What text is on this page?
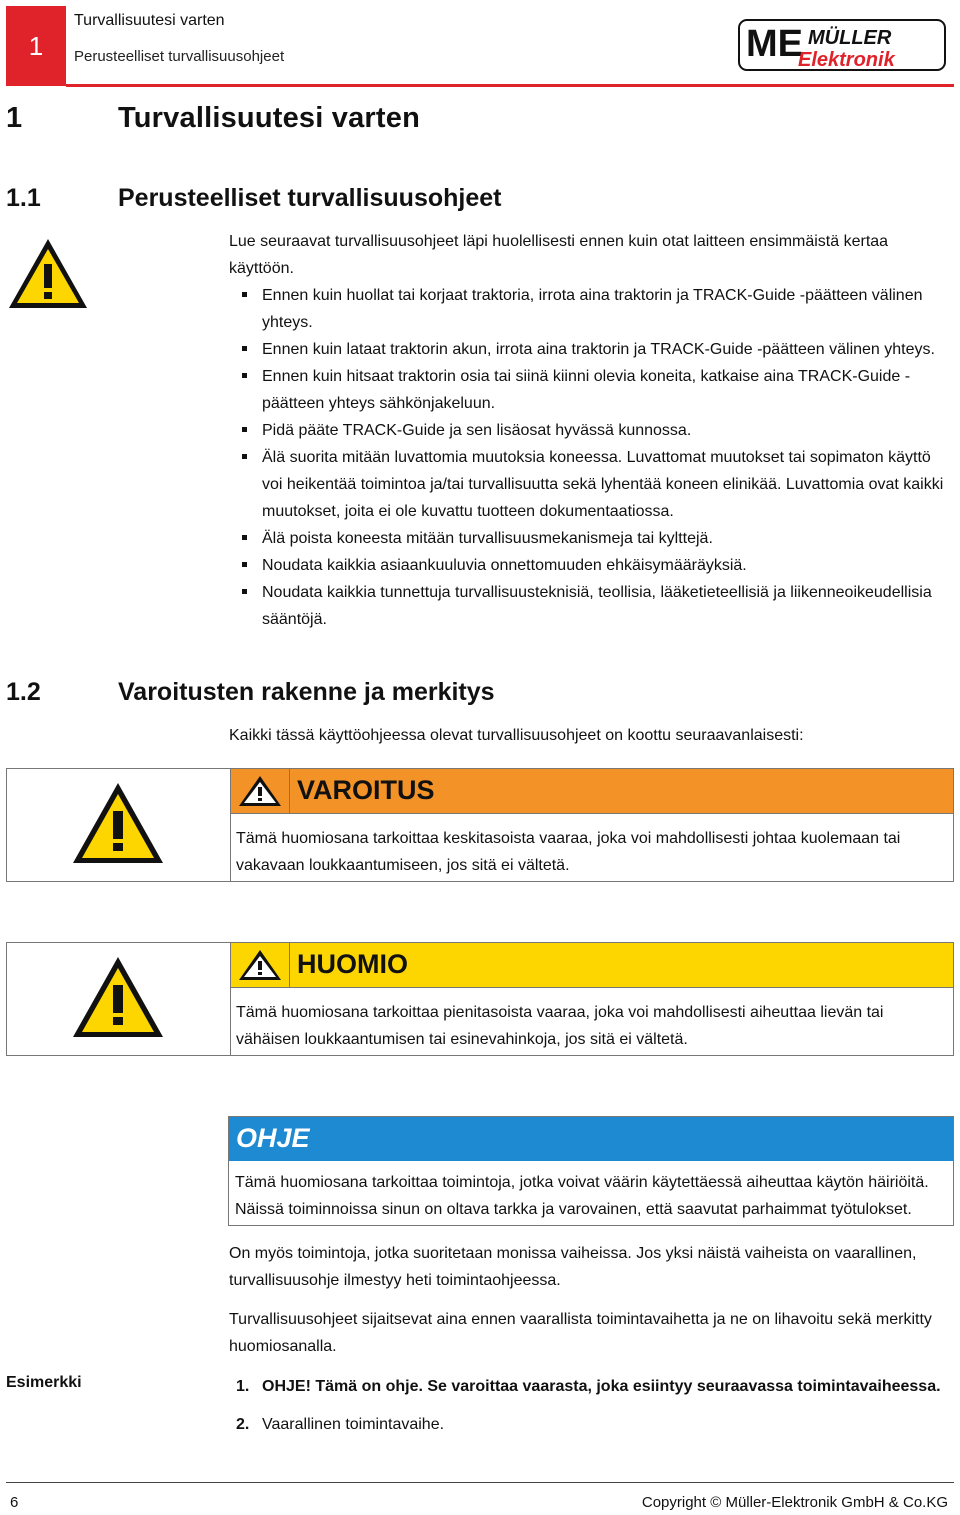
1
Turvallisuutesi varten
Perusteelliset turvallisuusohjeet	ME MÜLLER
Elektronik
1	Turvallisuutesi varten
1.1	Perusteelliset turvallisuusohjeet
Lue seuraavat turvallisuusohjeet läpi huolellisesti ennen kuin otat laitteen ensimmäistä kertaa käyttöön.
Ennen kuin huollat tai korjaat traktoria, irrota aina traktorin ja TRACK-Guide -päätteen välinen yhteys.
Ennen kuin lataat traktorin akun, irrota aina traktorin ja TRACK-Guide -päätteen välinen yhteys.
Ennen kuin hitsaat traktorin osia tai siinä kiinni olevia koneita, katkaise aina TRACK-Guide -päätteen yhteys sähkönjakeluun.
Pidä pääte TRACK-Guide ja sen lisäosat hyvässä kunnossa.
Älä suorita mitään luvattomia muutoksia koneessa. Luvattomat muutokset tai sopimaton käyttö voi heikentää toimintoa ja/tai turvallisuutta sekä lyhentää koneen elinikää. Luvattomia ovat kaikki muutokset, joita ei ole kuvattu tuotteen dokumentaatiossa.
Älä poista koneesta mitään turvallisuusmekanismeja tai kylttejä.
Noudata kaikkia asiaankuuluvia onnettomuuden ehkäisymääräyksiä.
Noudata kaikkia tunnettuja turvallisuusteknisiä, teollisia, lääketieteellisiä ja liikenneoikeudellisia sääntöjä.
1.2	Varoitusten rakenne ja merkitys
Kaikki tässä käyttöohjeessa olevat turvallisuusohjeet on koottu seuraavanlaisesti:
VAROITUS
Tämä huomiosana tarkoittaa keskitasoista vaaraa, joka voi mahdollisesti johtaa kuolemaan tai vakavaan loukkaantumiseen, jos sitä ei vältetä.
HUOMIO
Tämä huomiosana tarkoittaa pienitasoista vaaraa, joka voi mahdollisesti aiheuttaa lievän tai vähäisen loukkaantumisen tai esinevahinkoja, jos sitä ei vältetä.
OHJE
Tämä huomiosana tarkoittaa toimintoja, jotka voivat väärin käytettäessä aiheuttaa käytön häiriöitä. Näissä toiminnoissa sinun on oltava tarkka ja varovainen, että saavutat parhaimmat työtulokset.
On myös toimintoja, jotka suoritetaan monissa vaiheissa. Jos yksi näistä vaiheista on vaarallinen, turvallisuusohje ilmestyy heti toimintaohjeessa.
Turvallisuusohjeet sijaitsevat aina ennen vaarallista toimintavaihetta ja ne on lihavoitu sekä merkitty huomiosanalla.
Esimerkki	1. OHJE! Tämä on ohje. Se varoittaa vaarasta, joka esiintyy seuraavassa toimintavaiheessa.
2. Vaarallinen toimintavaihe.
6	Copyright © Müller-Elektronik GmbH & Co.KG
